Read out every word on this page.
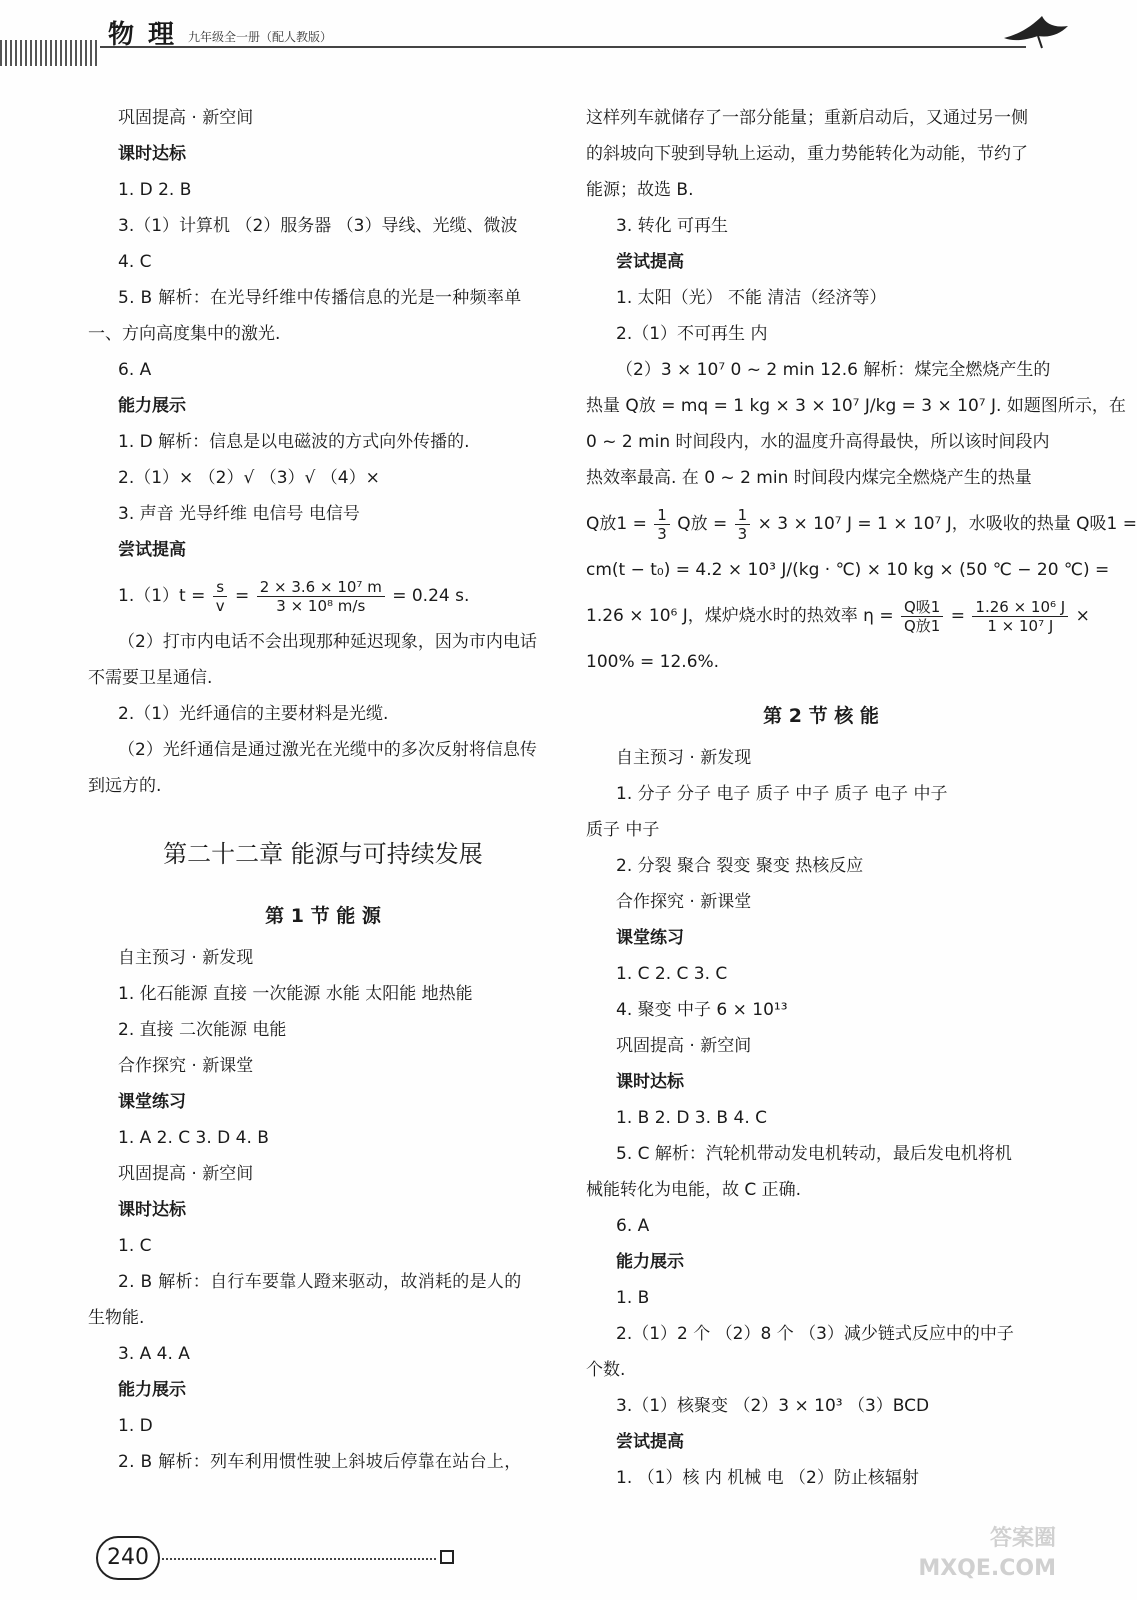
物理 九年级全一册（配人教版）
巩固提高 · 新空间
课时达标
1. D 2. B
3.（1）计算机 （2）服务器 （3）导线、光缆、微波
4. C
5. B 解析：在光导纤维中传播信息的光是一种频率单
一、方向高度集中的激光.
6. A
能力展示
1. D 解析：信息是以电磁波的方式向外传播的.
2.（1）× （2）√ （3）√ （4）×
3. 声音 光导纤维 电信号 电信号
尝试提高
$1.(1)t = \frac{s}{v} = \frac{\text{2 × 3.6 × 10⁷ m}}{\text{3 × 10⁸ m/s}} = 0.24$ s.
（2）打市内电话不会出现那种延迟现象，因为市内电话
不需要卫星通信.
2.（1）光纤通信的主要材料是光缆.
（2）光纤通信是通过激光在光缆中的多次反射将信息传
到远方的.
第二十二章 能源与可持续发展
第 1 节 能 源
自主预习 · 新发现
1. 化石能源 直接 一次能源 水能 太阳能 地热能
2. 直接 二次能源 电能
合作探究 · 新课堂
课堂练习
1. A 2. C 3. D 4. B
巩固提高 · 新空间
课时达标
1. C
2. B 解析：自行车要靠人蹬来驱动，故消耗的是人的
生物能.
3. A 4. A
能力展示
1. D
2. B 解析：列车利用惯性驶上斜坡后停靠在站台上，
这样列车就储存了一部分能量；重新启动后，又通过另一侧
的斜坡向下驶到导轨上运动，重力势能转化为动能，节约了
能源；故选 B.
3. 转化 可再生
尝试提高
1. 太阳（光） 不能 清洁（经济等）
2.（1）不可再生 内
（2）3 × 10⁷ 0 ~ 2 min 12.6 解析：煤完全燃烧产生的
热量 Q放 = mq = 1 kg × 3 × 10⁷ J/kg = 3 × 10⁷ J. 如题图所示，在
0 ~ 2 min 时间段内，水的温度升高得最快，所以该时间段内
热效率最高. 在 0 ~ 2 min 时间段内煤完全燃烧产生的热量
Q放$1 = \frac{1}{3}$ Q放 = $\frac{1}{3} \times 3 \times 10^7$ J = 1 × 10⁷ J，水吸收的热量 Q吸1 =
cm(t − t₀) = 4.2 × 10³ J/(kg · ℃) × 10 kg × (50 ℃ − 20 ℃) =
1.26 × 10⁶ J，煤炉烧水时的热效率 $\eta = \frac{\text{Q吸1}}{\text{Q放1}} = \frac{\text{1.26 × 10⁶ J}}{\text{1 × 10⁷ J}}$ ×
100% = 12.6%.
第 2 节 核 能
自主预习 · 新发现
1. 分子 分子 电子 质子 中子 质子 电子 中子
质子 中子
2. 分裂 聚合 裂变 聚变 热核反应
合作探究 · 新课堂
课堂练习
1. C 2. C 3. C
4. 聚变 中子 6 × 10¹³
巩固提高 · 新空间
课时达标
1. B 2. D 3. B 4. C
5. C 解析：汽轮机带动发电机转动，最后发电机将机
械能转化为电能，故 C 正确.
6. A
能力展示
1. B
2.（1）2 个 （2）8 个 （3）减少链式反应中的中子
个数.
3.（1）核聚变 （2）3 × 10³ （3）BCD
尝试提高
1. （1）核 内 机械 电 （2）防止核辐射
240
答案圈
MXQE.COM
